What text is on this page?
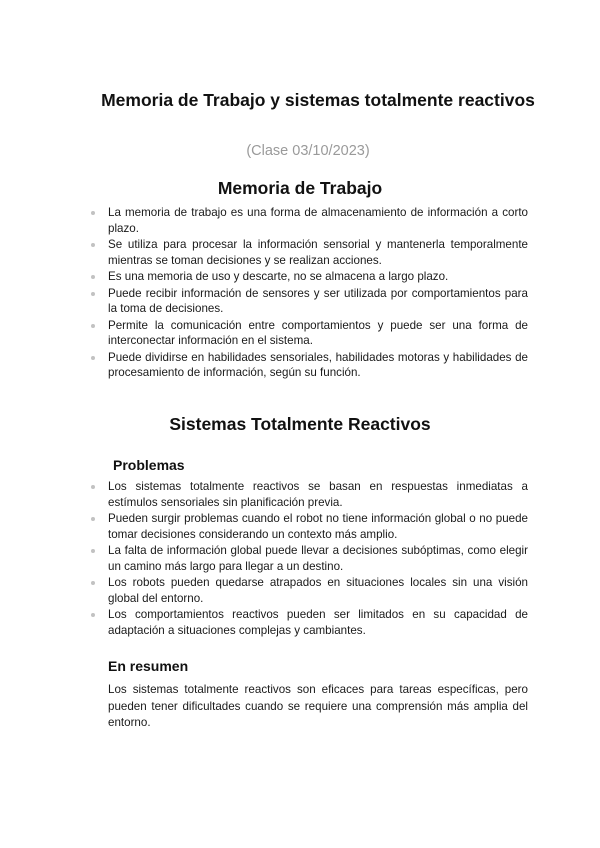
Memoria de Trabajo y sistemas totalmente reactivos
(Clase 03/10/2023)
Memoria de Trabajo
La memoria de trabajo es una forma de almacenamiento de información a corto plazo.
Se utiliza para procesar la información sensorial y mantenerla temporalmente mientras se toman decisiones y se realizan acciones.
Es una memoria de uso y descarte, no se almacena a largo plazo.
Puede recibir información de sensores y ser utilizada por comportamientos para la toma de decisiones.
Permite la comunicación entre comportamientos y puede ser una forma de interconectar información en el sistema.
Puede dividirse en habilidades sensoriales, habilidades motoras y habilidades de procesamiento de información, según su función.
Sistemas Totalmente Reactivos
Problemas
Los sistemas totalmente reactivos se basan en respuestas inmediatas a estímulos sensoriales sin planificación previa.
Pueden surgir problemas cuando el robot no tiene información global o no puede tomar decisiones considerando un contexto más amplio.
La falta de información global puede llevar a decisiones subóptimas, como elegir un camino más largo para llegar a un destino.
Los robots pueden quedarse atrapados en situaciones locales sin una visión global del entorno.
Los comportamientos reactivos pueden ser limitados en su capacidad de adaptación a situaciones complejas y cambiantes.
En resumen

Los sistemas totalmente reactivos son eficaces para tareas específicas, pero pueden tener dificultades cuando se requiere una comprensión más amplia del entorno.
